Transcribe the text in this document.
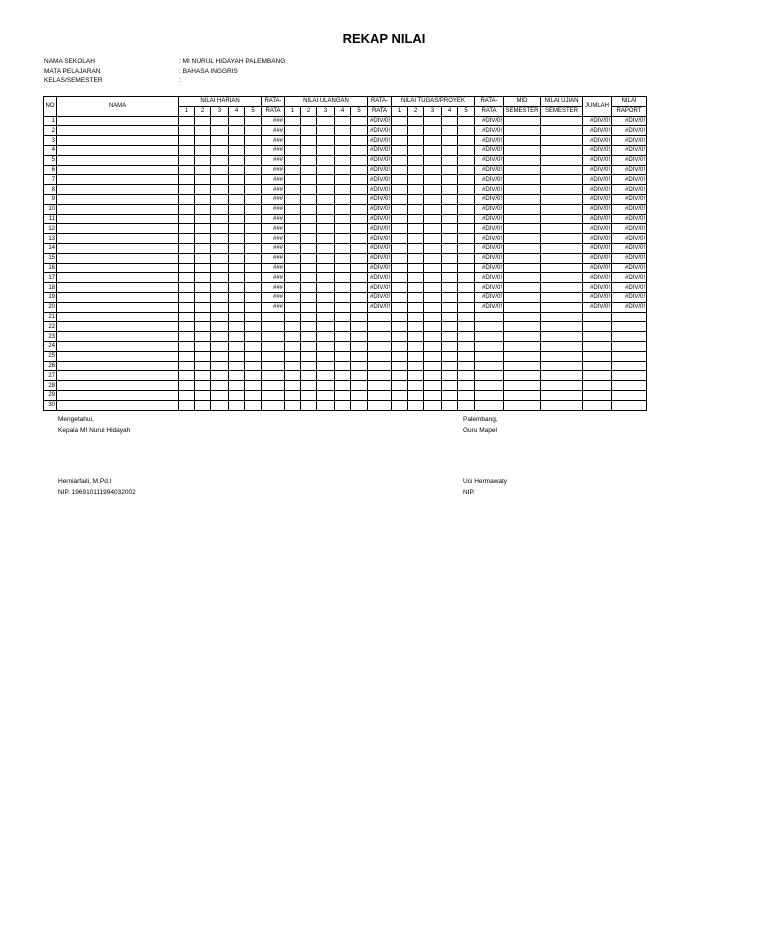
REKAP NILAI
NAMA SEKOLAH	: MI NURUL HIDAYAH PALEMBANG
MATA PELAJARAN	: BAHASA INGGRIS
KELAS/SEMESTER	:
NO	NAMA	NILAI HARIAN					RATA-	NILAI ULANGAN					RATA-	NILAI TUGAS/PROYEK					RATA-	MID	NILAI UJIAN	JUMLAH	NILAI
		1	2	3	4	5	RATA	1	2	3	4	5	RATA	1	2	3	4	5	RATA	SEMESTER	SEMESTER		RAPORT
1							###						#DIV/0!						#DIV/0!			#DIV/0!	#DIV/0!
2							###						#DIV/0!						#DIV/0!			#DIV/0!	#DIV/0!
3							###						#DIV/0!						#DIV/0!			#DIV/0!	#DIV/0!
4							###						#DIV/0!						#DIV/0!			#DIV/0!	#DIV/0!
5							###						#DIV/0!						#DIV/0!			#DIV/0!	#DIV/0!
6							###						#DIV/0!						#DIV/0!			#DIV/0!	#DIV/0!
7							###						#DIV/0!						#DIV/0!			#DIV/0!	#DIV/0!
8							###						#DIV/0!						#DIV/0!			#DIV/0!	#DIV/0!
9							###						#DIV/0!						#DIV/0!			#DIV/0!	#DIV/0!
10							###						#DIV/0!						#DIV/0!			#DIV/0!	#DIV/0!
11							###						#DIV/0!						#DIV/0!			#DIV/0!	#DIV/0!
12							###						#DIV/0!						#DIV/0!			#DIV/0!	#DIV/0!
13							###						#DIV/0!						#DIV/0!			#DIV/0!	#DIV/0!
14							###						#DIV/0!						#DIV/0!			#DIV/0!	#DIV/0!
15							###						#DIV/0!						#DIV/0!			#DIV/0!	#DIV/0!
16							###						#DIV/0!						#DIV/0!			#DIV/0!	#DIV/0!
17							###						#DIV/0!						#DIV/0!			#DIV/0!	#DIV/0!
18							###						#DIV/0!						#DIV/0!			#DIV/0!	#DIV/0!
19							###						#DIV/0!						#DIV/0!			#DIV/0!	#DIV/0!
20							###						#DIV/0!						#DIV/0!			#DIV/0!	#DIV/0!
21																							
22																							
23																							
24																							
25																							
26																							
27																							
28																							
29																							
30																							
Mengetahui,
Kepala MI Nurul Hidayah
Herniarfaili, M.Pd.I
NIP. 196910111994032002
Palembang,
Guru Mapel
Uci Hermawaty
NIP.
